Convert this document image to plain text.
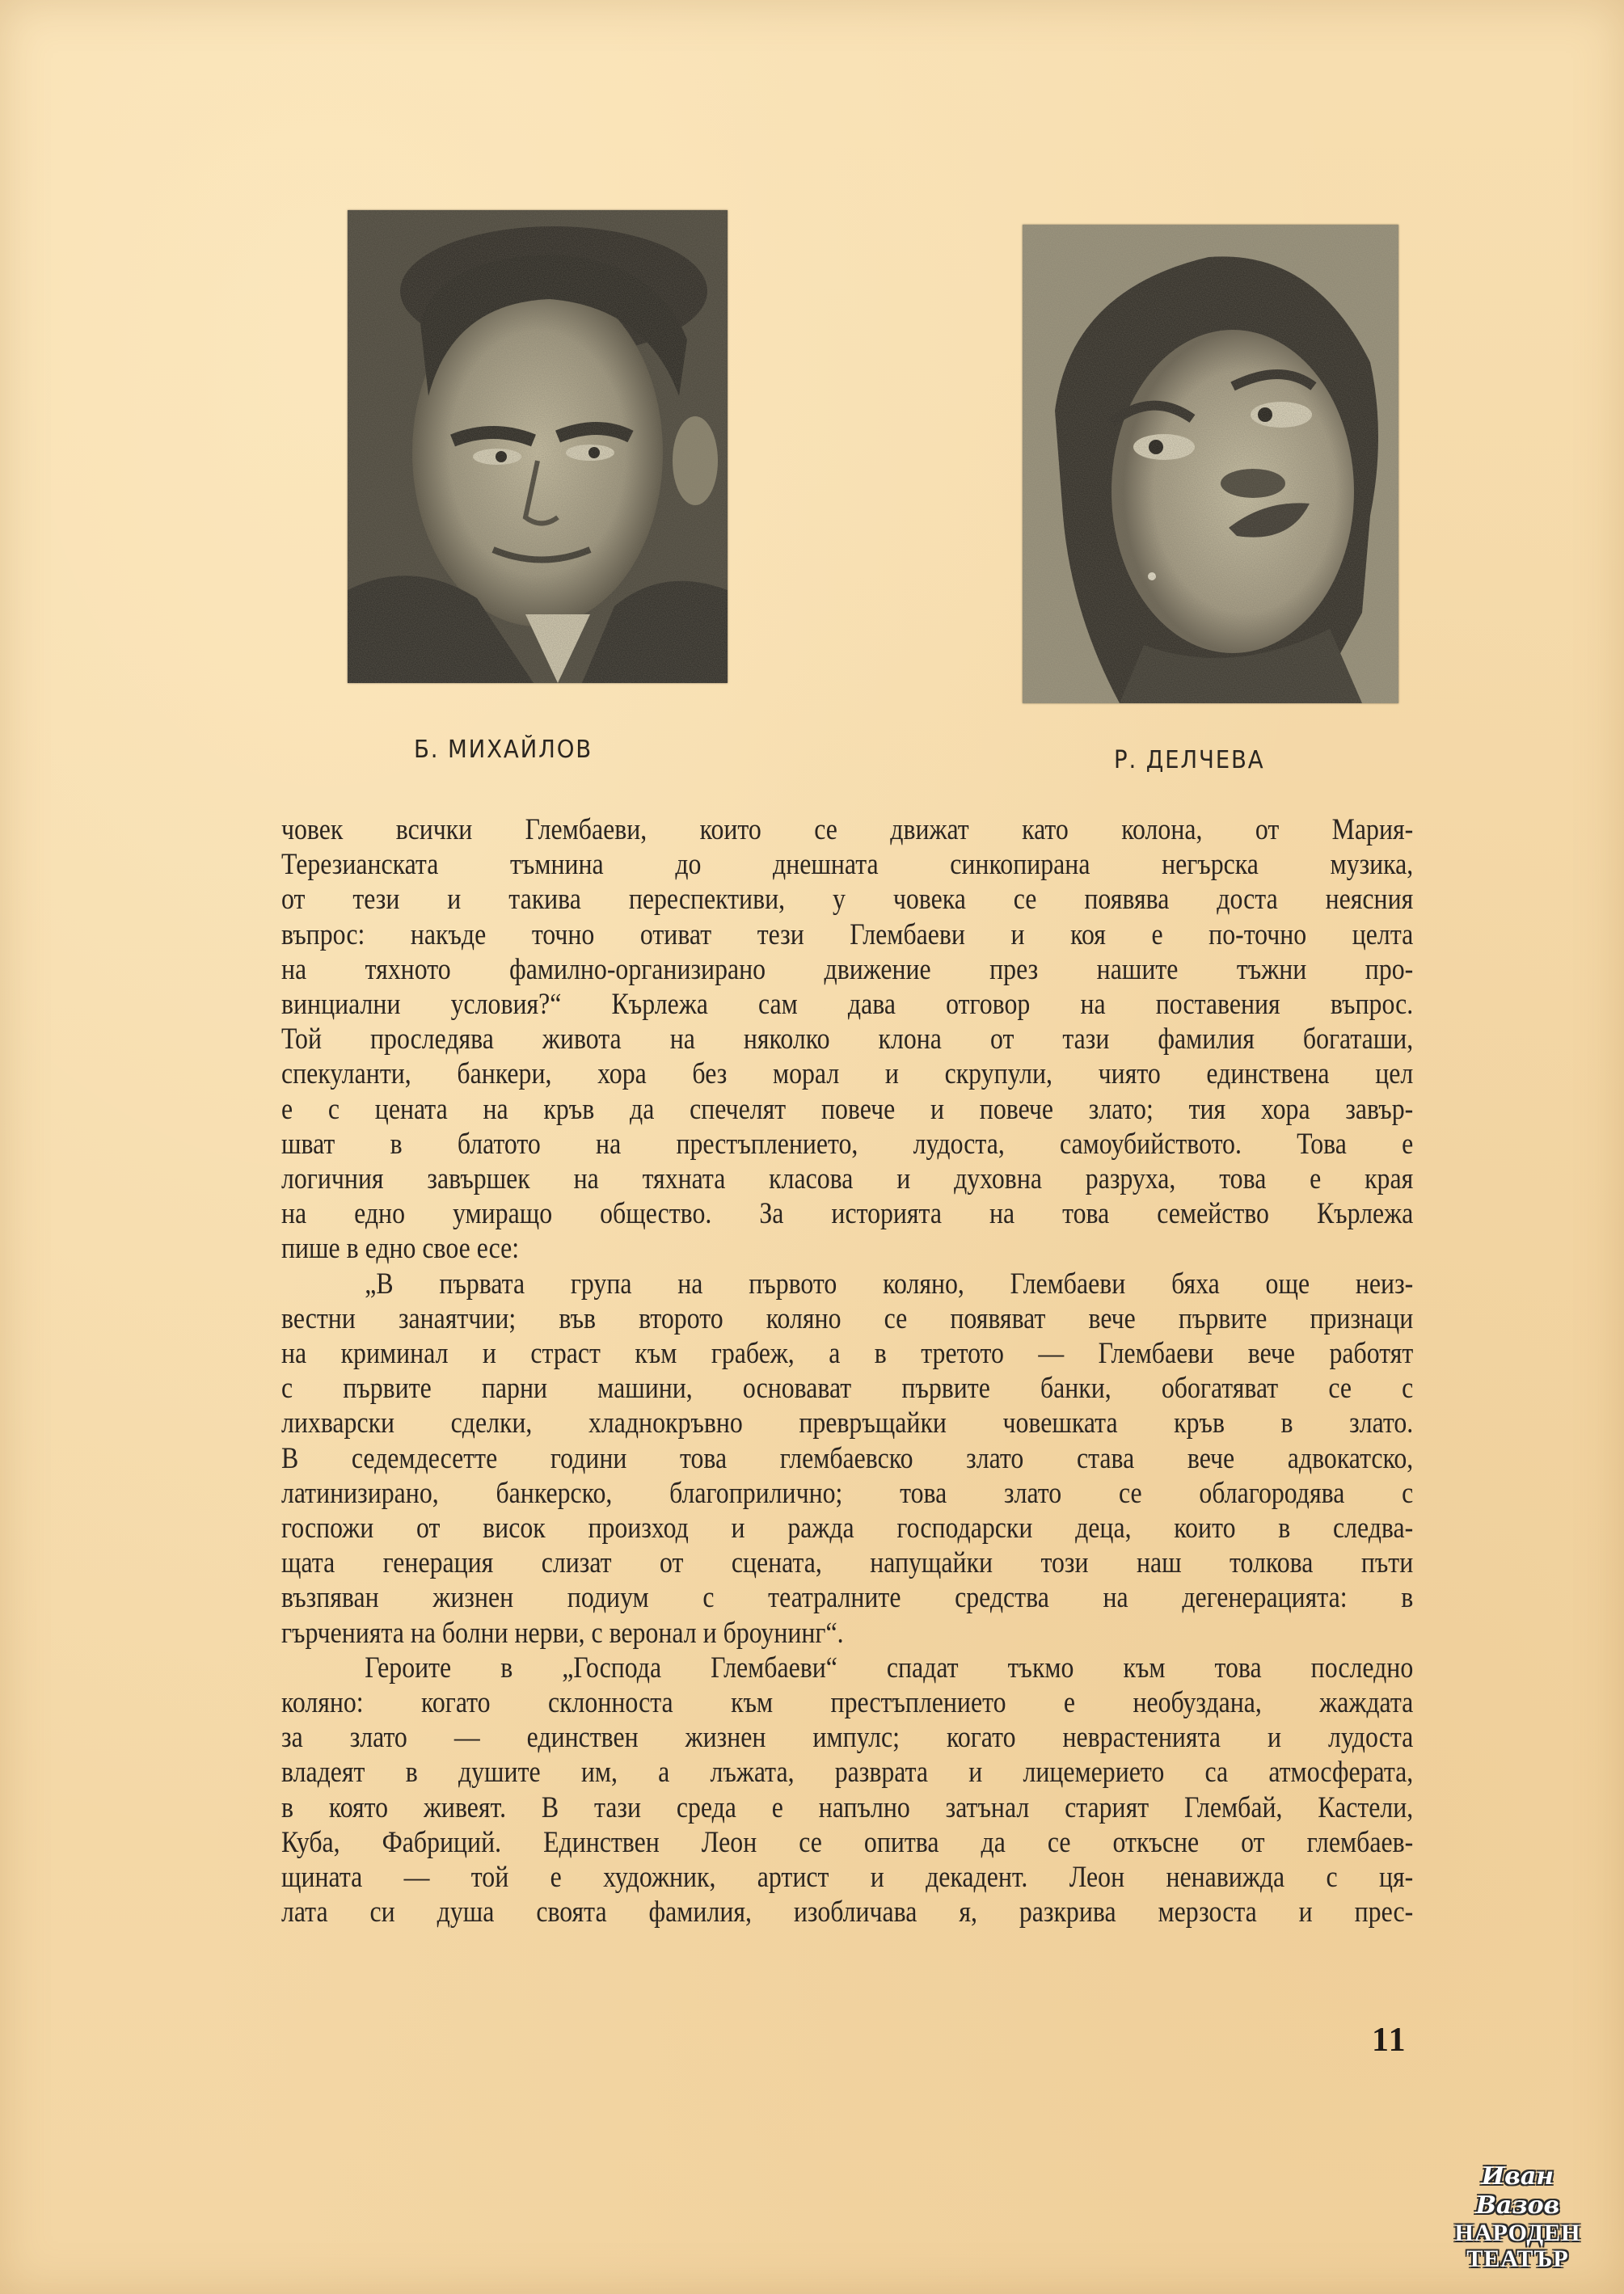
Б. МИХАЙЛОВ	Р. ДЕЛЧЕВА
човек всички Глембаеви, които се движат като колона, от Мария-
Терезианската тъмнина до днешната синкопирана негърска музика,
от тези и такива переспективи, у човека се появява доста неясния
въпрос: накъде точно отиват тези Глембаеви и коя е по-точно целта
на тяхното фамилно-организирано движение през нашите тъжни про-
винциални условия?“ Кърлежа сам дава отговор на поставения въпрос.
Той проследява живота на няколко клона от тази фамилия богаташи,
спекуланти, банкери, хора без морал и скрупули, чиято единствена цел
е с цената на кръв да спечелят повече и повече злато; тия хора завър-
шват в блатото на престъплението, лудоста, самоубийството. Това е
логичния завършек на тяхната класова и духовна разруха, това е края
на едно умиращо общество. За историята на това семейство Кърлежа
пише в едно свое есе:
„В първата група на първото коляно, Глембаеви бяха още неиз-
вестни занаятчии; във второто коляно се появяват вече първите признаци
на криминал и страст към грабеж, а в третото — Глембаеви вече работят
с първите парни машини, основават първите банки, обогатяват се с
лихварски сделки, хладнокръвно превръщайки човешката кръв в злато.
В седемдесетте години това глембаевско злато става вече адвокатско,
латинизирано, банкерско, благоприлично; това злато се облагородява с
госпожи от висок произход и ражда господарски деца, които в следва-
щата генерация слизат от сцената, напущайки този наш толкова пъти
възпяван жизнен подиум с театралните средства на дегенерацията: в
гърченията на болни нерви, с веронал и броунинг“.
Героите в „Господа Глембаеви“ спадат тъкмо към това последно
коляно: когато склонноста към престъплението е необуздана, жаждата
за злато — единствен жизнен импулс; когато неврастенията и лудоста
владеят в душите им, а лъжата, разврата и лицемерието са атмосферата,
в която живеят. В тази среда е напълно затънал старият Глембай, Кастели,
Куба, Фабриций. Единствен Леон се опитва да се откъсне от глембаев-
щината — той е художник, артист и декадент. Леон ненавижда с ця-
лата си душа своята фамилия, изобличава я, разкрива мерзоста и прес-
11
Иван Вазов
НАРОДЕН
ТЕАТЪР
